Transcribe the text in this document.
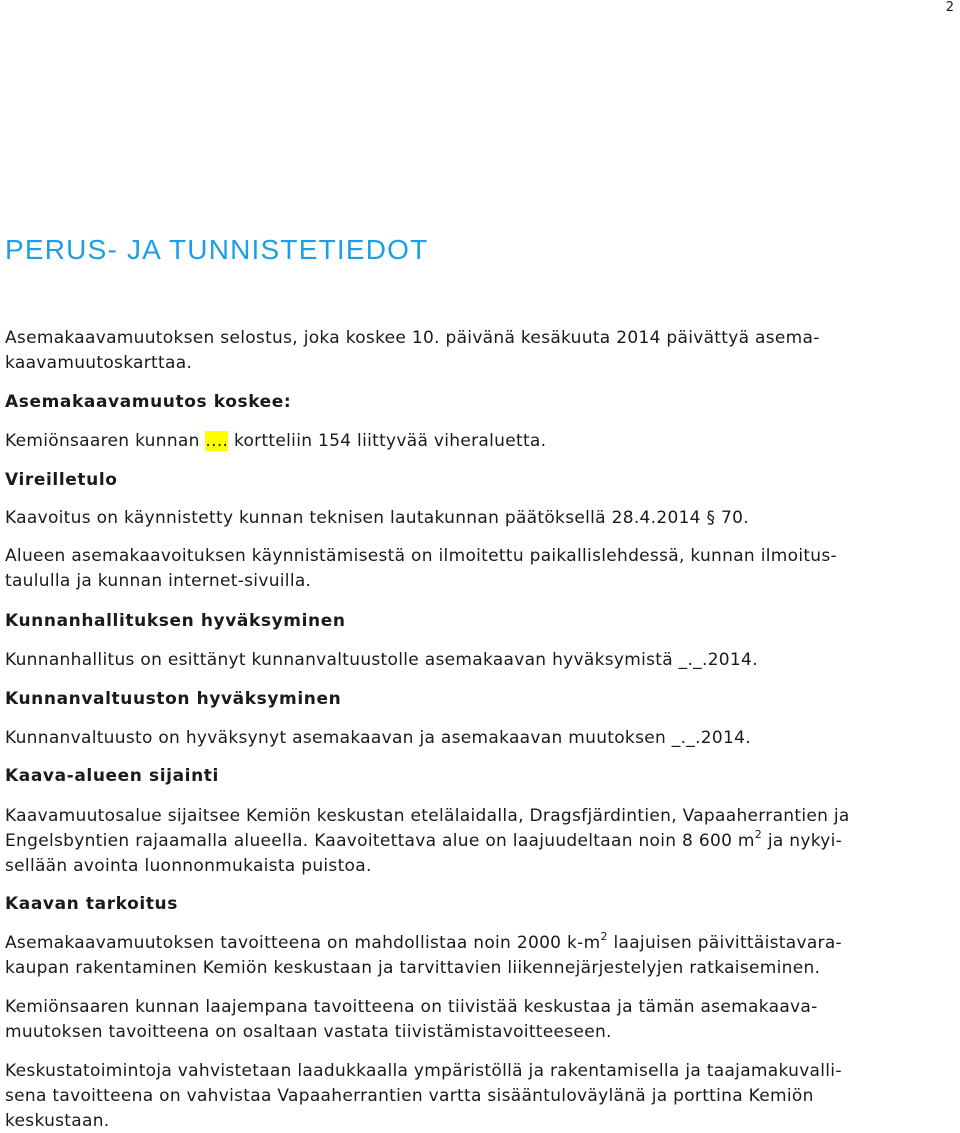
2
PERUS- JA TUNNISTETIEDOT

Asemakaavamuutoksen selostus, joka koskee 10. päivänä kesäkuuta 2014 päivättyä asema-

kaavamuutoskarttaa.

Asemakaavamuutos koskee:

Kemiönsaaren kunnan .... kortteliin 154 liittyvää viheraluetta.

Vireilletulo

Kaavoitus on käynnistetty kunnan teknisen lautakunnan päätöksellä 28.4.2014 § 70.

Alueen asemakaavoituksen käynnistämisestä on ilmoitettu paikallislehdessä, kunnan ilmoitus-

taululla ja kunnan internet-sivuilla.

Kunnanhallituksen hyväksyminen

Kunnanhallitus on esittänyt kunnanvaltuustolle asemakaavan hyväksymistä _._.2014.

Kunnanvaltuuston hyväksyminen

Kunnanvaltuusto on hyväksynyt asemakaavan ja asemakaavan muutoksen _._.2014.

Kaava-alueen sijainti

Kaavamuutosalue sijaitsee Kemiön keskustan etelälaidalla, Dragsfjärdintien, Vapaaherrantien ja

Engelsbyntien rajaamalla alueella. Kaavoitettava alue on laajuudeltaan noin 8 600 $m^2$ ja nykyi-

sellään avointa luonnonmukaista puistoa.

Kaavan tarkoitus

Asemakaavamuutoksen tavoitteena on mahdollistaa noin 2000 $k-m^2$ laajuisen päivittäistavara-

kaupan rakentaminen Kemiön keskustaan ja tarvittavien liikennejärjestelyjen ratkaiseminen.

Kemiönsaaren kunnan laajempana tavoitteena on tiivistää keskustaa ja tämän asemakaava-

muutoksen tavoitteena on osaltaan vastata tiivistämistavoitteeseen.

Keskustatoimintoja vahvistetaan laadukkaalla ympäristöllä ja rakentamisella ja taajamakuvalli-

sena tavoitteena on vahvistaa Vapaaherrantien vartta sisääntuloväylänä ja porttina Kemiön

keskustaan.
